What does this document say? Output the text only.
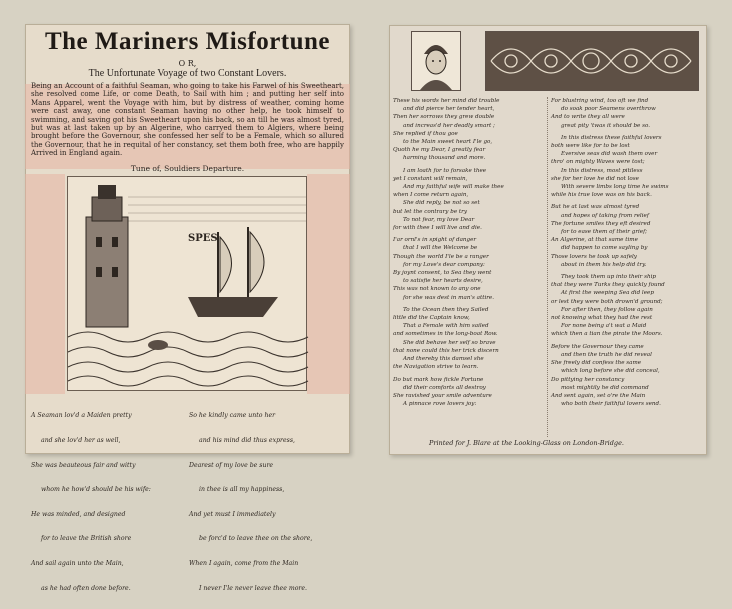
The Mariners Misfortune
O R,
The Unfortunate Voyage of two Constant Lovers.
Being an Account of a faithful Seaman, who going to take his Farwel of his Sweetheart, she resolved come Life, or come Death, to Sail with him ; and putting her self into Mans Apparel, went the Voyage with him, but by distress of weather, coming home were cast away, one constant Seaman having no other help, he took himself to swimming, and saving got his Sweetheart upon his back, so an till he was almost tyred, but was at last taken up by an Algerine, who carryed them to Algiers, where being brought before the Governour, she confessed her self to be a Female, which so allured the Governour, that he in requital of her constancy, set them both free, who are happily Arrived in England again.
Tune of, Souldiers Departure.
SPES

A Seaman lov'd a Maiden pretty

and she lov'd her as well,

She was beauteous fair and witty

whom he how'd should be his wife:

He was minded, and designed

for to leave the British shore

And sail again unto the Main,

as he had often done before.

So he kindly came unto her

and his mind did thus express,

Dearest of my love be sure

in thee is all my happiness,

And yet must I immediately

be forc'd to leave thee on the shore,

When I again, come from the Main

I never I'le never leave thee more.

These his words her mind did trouble
and did pierce her tender heart,
Then her sorrows they grew double
and increas'd her deadly smart ;
She replied if thou goe
to the Main sweet heart I'le go,
Quoth he my Dear, I greatly fear
harming thousand and more.
I am loath for to forsake thee
yet I constant will remain,
And my faithful wife will make thee
when I come return again,
She did reply, be not so set
but let the contrary be try
To not fear, my love Dear
for with thee I will live and die.
I'ar ornl's in spight of danger
that I will the Welcome be
Though the world I'le be a ranger
for my Love's dear company:
By joynt consent, to Sea they went
to satisfie her hearts desire,
This was not known to any one
for she was dest in man's attire.
To the Ocean then they Sailed
little did the Captain know,
That a Female with him sailed
and sometimes in the long-boat Row.
She did behave her self so brave
that none could this her trick discern
And thereby this damsel she
the Navigation strive to learn.
Do but mark how fickle Fortune
did their comforts all destroy
She ravished your smile adventure
A pinnace rove lovers joy:
For blustring wind, too oft we find
do soak poor Seamens overthrow
And to write they all were
great pity 'twas it should be so.
In this distress these faithful lovers
both were like for to be lost
Eversive seas did wash them over
thro' on mighty Waves were tost;
In this distress, most pitiless
she for her love he did not lose
With severe limbs long time he swims
while his true love was on his back.
But he at last was almost tyred
and hopes of taking from relief
The fortune smiles they eft desired
for to ease them of their grief;
An Algerine, at that same time
did happen to come sayling by
Those lovers he took up safely
about in them his help did try.
They took them up into their ship
that they were Turks they quickly found
At first the weeping Sea did leep
or lest they were both drown'd ground;
For after then, they follow again
not knowing what they had the rest
For none being a't wat a Maid
which then a tian the pirate the Moors.
Before the Governour they came
and then the truth he did reveal
She freely did confess the same
which long before she did conceal,
Do pittying her constancy
most mightily he did command
And sent again, set o're the Main
who both their faithful lovers send.
Printed for J. Blare at the Looking-Glass on London-Bridge.
